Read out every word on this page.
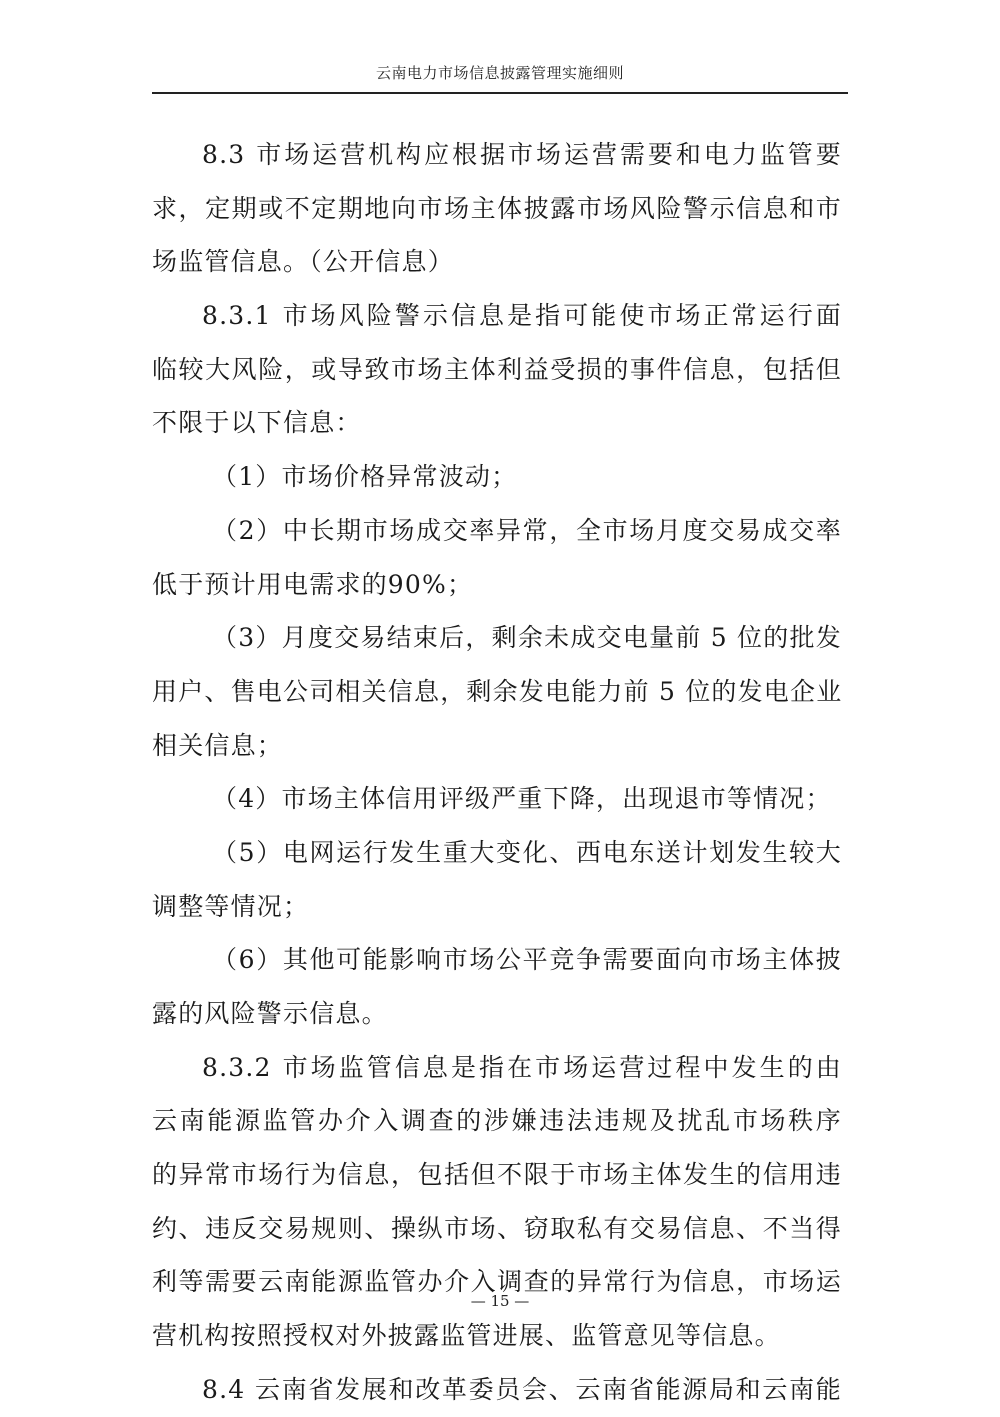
云南电力市场信息披露管理实施细则
8.3 市场运营机构应根据市场运营需要和电力监管要
求，定期或不定期地向市场主体披露市场风险警示信息和市
场监管信息。（公开信息）
8.3.1 市场风险警示信息是指可能使市场正常运行面
临较大风险，或导致市场主体利益受损的事件信息，包括但
不限于以下信息：
（1）市场价格异常波动；
（2）中长期市场成交率异常，全市场月度交易成交率
低于预计用电需求的90%；
（3）月度交易结束后，剩余未成交电量前 5 位的批发
用户、售电公司相关信息，剩余发电能力前 5 位的发电企业
相关信息；
（4）市场主体信用评级严重下降，出现退市等情况；
（5）电网运行发生重大变化、西电东送计划发生较大
调整等情况；
（6）其他可能影响市场公平竞争需要面向市场主体披
露的风险警示信息。
8.3.2 市场监管信息是指在市场运营过程中发生的由
云南能源监管办介入调查的涉嫌违法违规及扰乱市场秩序
的异常市场行为信息，包括但不限于市场主体发生的信用违
约、违反交易规则、操纵市场、窃取私有交易信息、不当得
利等需要云南能源监管办介入调查的异常行为信息，市场运
营机构按照授权对外披露监管进展、监管意见等信息。
8.4 云南省发展和改革委员会、云南省能源局和云南能
— 15 —
